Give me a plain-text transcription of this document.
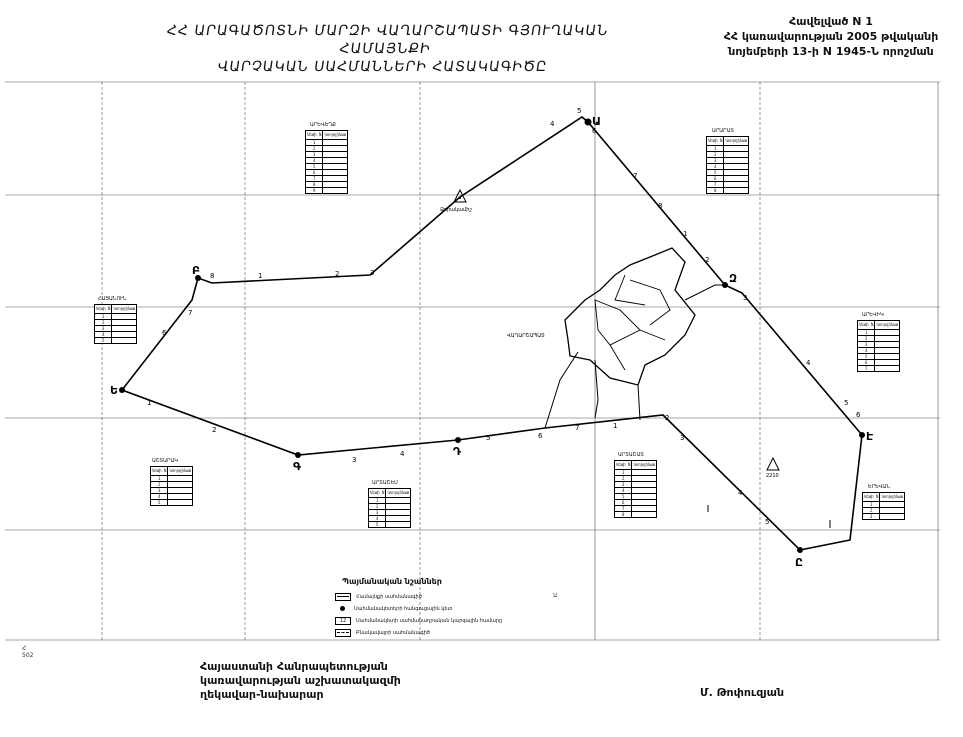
ՀՀ ԱՐԱԳԱԾՈՏՆԻ ՄԱՐԶԻ ՎԱՂԱՐՇԱՊԱՏԻ ԳՅՈՒՂԱԿԱՆ ՀԱՄԱՅՆՔԻ
ՎԱՐՉԱԿԱՆ ՍԱՀՄԱՆՆԵՐԻ ՀԱՏԱԿԱԳԻԾԸ
Հավելված N 1
ՀՀ կառավարության 2005 թվականի
նոյեմբերի 13-ի N 1945-Ն որոշման
Ա
Բ
Գ
Դ
Ե
Զ
Է
Ը
1
2
3
4
5	6
7	1
2
3
4
5
6
7
8	1	2	3
4
5
6
7
8
1
2
3
4
5
6
Ձորակամիշ
2210
ՎԱՂԱՐՇԱՊԱՏ
⸚
ԱՐԵՎԵՂՔ
Կետի N	Կոորդինատ
1	
2	
3	
4	
5	
6	
7	
8	
9	
ԱՐԱՐԱՏ
Կետի N	Կոորդինատ
1	
2	
3	
4	
5	
6	
7	
8	
ՀԱՅԱՆՈՒՆ
Կետի N	Կոորդինատ
1	
2	
3	
4	
5	
ԱՐԵՎԻԿ
Կետի N	Կոորդինատ
1	
2	
3	
4	
5	
6	
7	
ԱՇՏԱՐԱԿ
Կետի N	Կոորդինատ
1	
2	
3	
4	
5	
ԱՐՏԱՇԵՍ
Կետի N	Կոորդինատ
1	
2	
3	
4	
5	
ԱՐՏԱՇԱՏ
Կետի N	Կոորդինատ
1	
2	
3	
4	
5	
6	
7	
8	
ԵՐԵՎԱՆ
Կետի N	Կոորդինատ
1	
2	
3	
Պայմանական նշաններ
Համայնքի սահմանագիծ
Սահմանակետերի հանգուցային կետ
12	Սահմանակետի սահմանադրական կարգային համարը
Բնակավայրի սահմանագիծ
Հ
502
Հայաստանի Հանրապետության
կառավարության աշխատակազմի
ղեկավար-նախարար	Մ. Թոփուզյան
